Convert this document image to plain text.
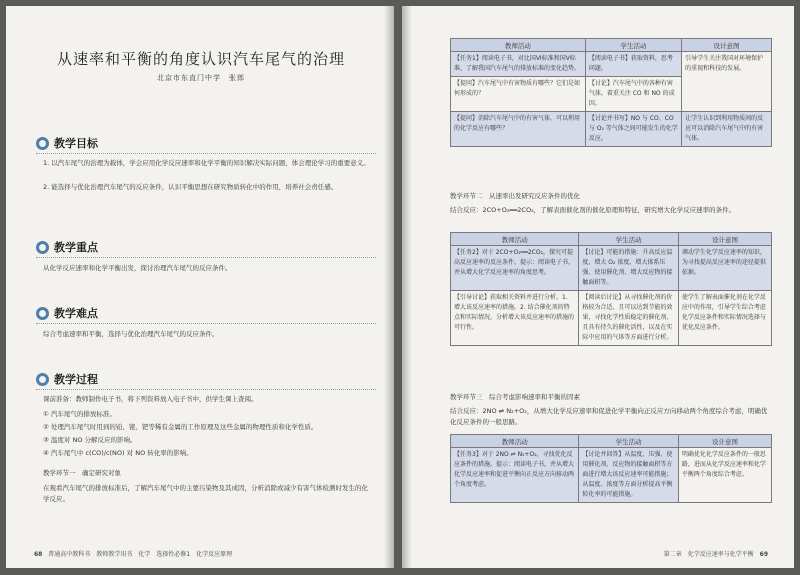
从速率和平衡的角度认识汽车尾气的治理
北京市东直门中学　张郎
教学目标
1. 以汽车尾气的治理为载体，学会应用化学反应速率和化学平衡的知识解决实际问题，体会理论学习的重要意义。
2. 能选择与优化治理汽车尾气的反应条件，认识平衡思想在研究物质转化中的作用，培养社会责任感。
教学重点
从化学反应速率和化学平衡出发，探讨治理汽车尾气的反应条件。
教学难点
综合考虑速率和平衡，选择与优化治理汽车尾气的反应条件。
教学过程
课前准备：教师制作电子书，将下列资料放入电子书中，供学生课上查阅。
① 汽车尾气的排放标准。
② 处理汽车尾气时用到的铂、铑、钯等稀有金属的工作原理及这些金属的物理性质和化学性质。
③ 温度对 NO 分解反应的影响。
④ 汽车尾气中 c(CO)/c(NO) 对 NO 转化率的影响。
教学环节一　确定研究对象
在观看汽车尾气的排放标准后，了解汽车尾气中的主要污染物及其成因，分析消除或减少有害气体检测时发生的化学反应。
68 普通高中教科书　教师教学用书　化学　选择性必修1　化学反应原理
教师活动	学生活动	设计意图
【任务1】阅读电子书，对比国VI标准和国V标准，了解我国汽车尾气的排放标准的变化趋势。	【阅读电子书】获取资料，思考问题。	引导学生关注我国对环境保护的重视和科技的发展。
【提问】汽车尾气中有害物质有哪些？它们是如何形成的？	【讨论】汽车尾气中的各种有害气体，着重关注 CO 和 NO 的成因。	
【提问】消除汽车尾气中的有害气体，可以利用的化学反应有哪些？	【讨论并书写】NO 与 CO、CO 与 O₂ 等气体之间可能发生的化学反应。	让学生认识到利用物质间的反应可以消除汽车尾气中的有害气体。
教学环节二　从速率出发研究反应条件的优化
结合反应：2CO+O₂══2CO₂，了解表面催化剂的催化原理和特征，研究增大化学反应速率的条件。
教师活动	学生活动	设计意图
【任务2】对于 2CO+O₂══2CO₂，探究可提高反应速率的反应条件。提示：阅读电子书，并从增大化学反应速率的角度思考。	【讨论】可能的措施：升高反应温度、增大 O₂ 浓度、增大体系压强、使用催化剂、增大反应物的接触面积等。	调动学生化学反应速率的知识，为寻找提高反应速率的途径提供依据。
【引导讨论】获取相关资料并进行分析。1. 增大该反应速率的措施。2. 结合催化剂的特点和实际情况，分析增大该反应速率的措施的可行性。	【阅读后讨论】从寻找催化剂的价格较为合适，且可以达到节能的效果，寻找化学性质稳定的催化剂，且具有持久的催化活性，以及在实际中应用的气体等方面进行分析。	使学生了解表面催化剂在化学反应中的作用，引导学生综合考虑化学反应条件和实际情况选择与优化反应条件。
教学环节三　综合考虑影响速率和平衡的因素
结合反应：2NO ⇌ N₂+O₂，从增大化学反应速率和促进化学平衡向正反应方向移动两个角度综合考虑，明确优化反应条件的一般思路。
教师活动	学生活动	设计意图
【任务3】对于 2NO ⇌ N₂+O₂，寻找优化反应条件的措施。提示：阅读电子书，并从增大化学反应速率和促进平衡向正反应方向移动两个角度考虑。	【讨论并回答】从温度、压强、使用催化剂、反应物的接触面积等方面进行增大该反应速率可能措施；从温度、浓度等方面分析提高平衡转化率的可能措施。	明确优化化学反应条件的一般思路，进而从化学反应速率和化学平衡两个角度综合考虑。
第二章　化学反应速率与化学平衡 69
